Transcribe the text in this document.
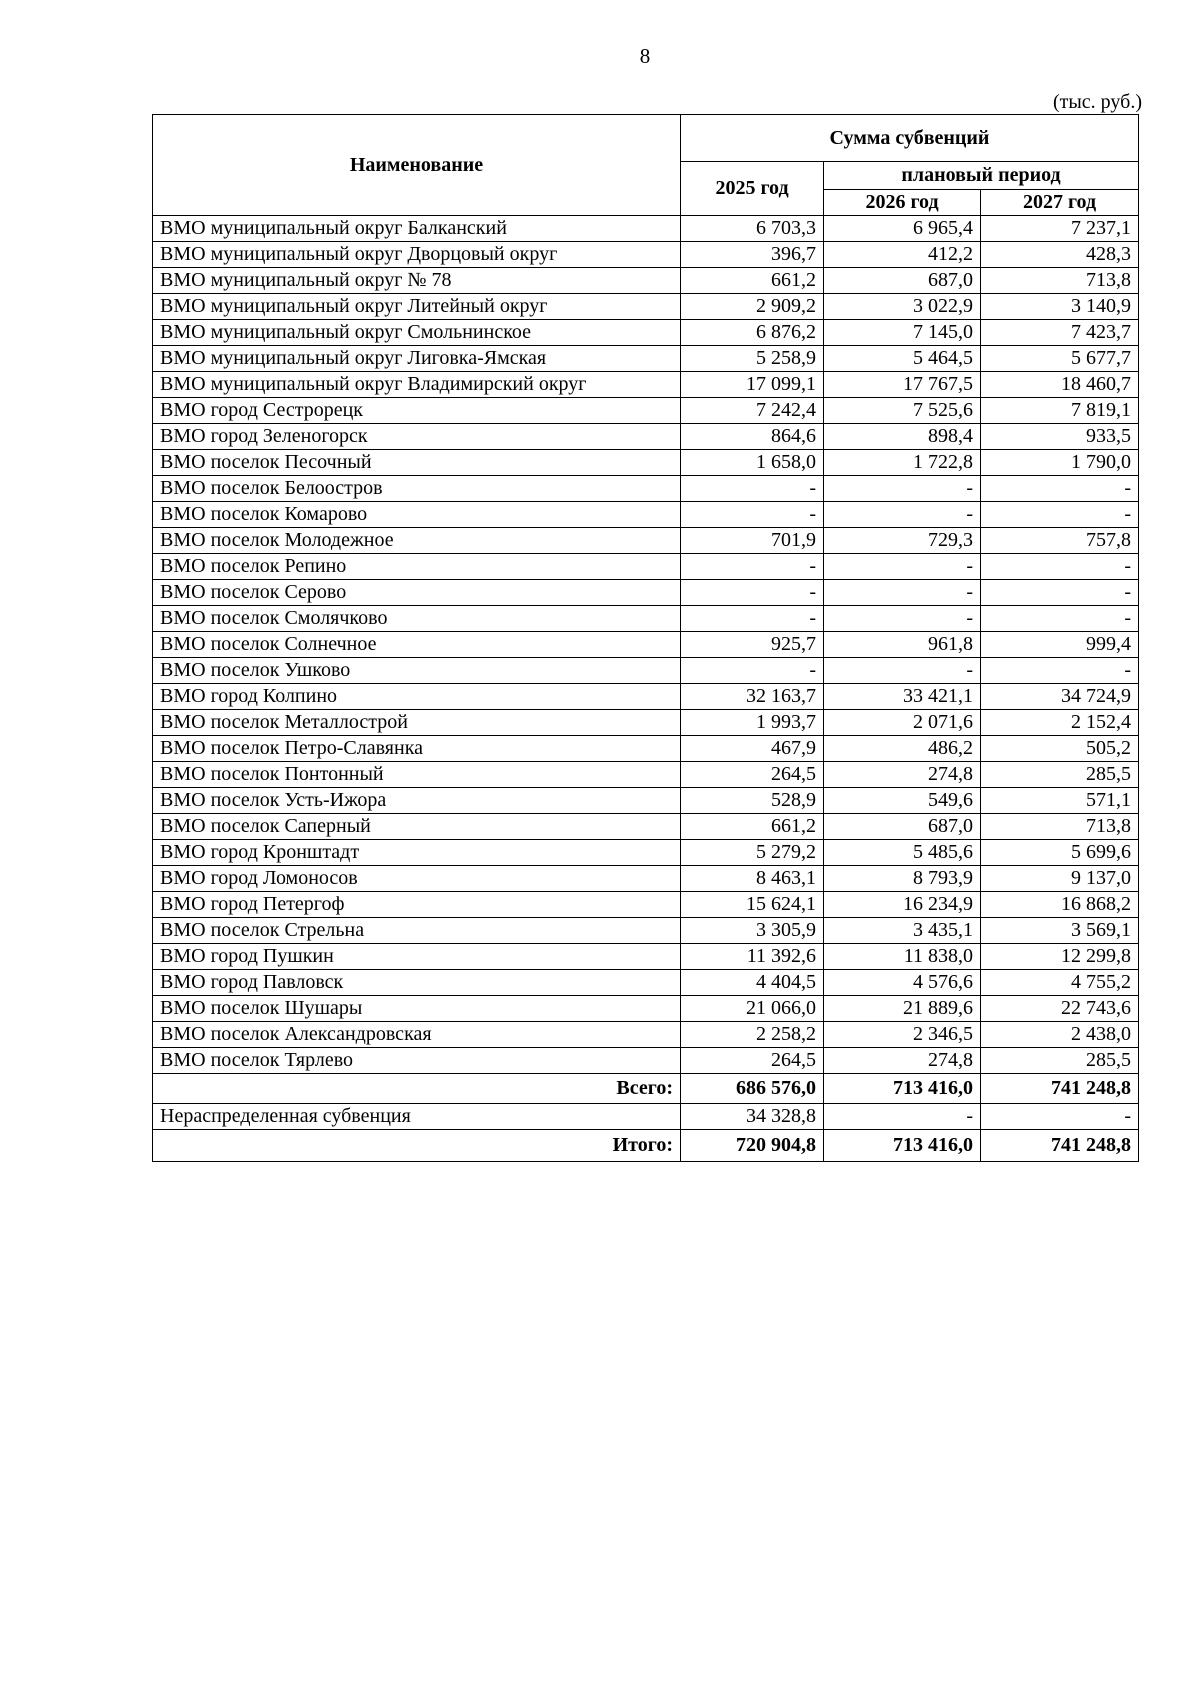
8
(тыс. руб.)
Наименование	Сумма субвенций		
	2025 год	плановый период	
		2026 год	2027 год
ВМО муниципальный округ Балканский	6 703,3	6 965,4	7 237,1
ВМО муниципальный округ Дворцовый округ	396,7	412,2	428,3
ВМО муниципальный округ № 78	661,2	687,0	713,8
ВМО муниципальный округ Литейный округ	2 909,2	3 022,9	3 140,9
ВМО муниципальный округ Смольнинское	6 876,2	7 145,0	7 423,7
ВМО муниципальный округ Лиговка-Ямская	5 258,9	5 464,5	5 677,7
ВМО муниципальный округ Владимирский округ	17 099,1	17 767,5	18 460,7
ВМО город Сестрорецк	7 242,4	7 525,6	7 819,1
ВМО город Зеленогорск	864,6	898,4	933,5
ВМО поселок Песочный	1 658,0	1 722,8	1 790,0
ВМО поселок Белоостров	-	-	-
ВМО поселок Комарово	-	-	-
ВМО поселок Молодежное	701,9	729,3	757,8
ВМО поселок Репино	-	-	-
ВМО поселок Серово	-	-	-
ВМО поселок Смолячково	-	-	-
ВМО поселок Солнечное	925,7	961,8	999,4
ВМО поселок Ушково	-	-	-
ВМО город Колпино	32 163,7	33 421,1	34 724,9
ВМО поселок Металлострой	1 993,7	2 071,6	2 152,4
ВМО поселок Петро-Славянка	467,9	486,2	505,2
ВМО поселок Понтонный	264,5	274,8	285,5
ВМО поселок Усть-Ижора	528,9	549,6	571,1
ВМО поселок Саперный	661,2	687,0	713,8
ВМО город Кронштадт	5 279,2	5 485,6	5 699,6
ВМО город Ломоносов	8 463,1	8 793,9	9 137,0
ВМО город Петергоф	15 624,1	16 234,9	16 868,2
ВМО поселок Стрельна	3 305,9	3 435,1	3 569,1
ВМО город Пушкин	11 392,6	11 838,0	12 299,8
ВМО город Павловск	4 404,5	4 576,6	4 755,2
ВМО поселок Шушары	21 066,0	21 889,6	22 743,6
ВМО поселок Александровская	2 258,2	2 346,5	2 438,0
ВМО поселок Тярлево	264,5	274,8	285,5
Всего:	686 576,0	713 416,0	741 248,8
Нераспределенная субвенция	34 328,8	-	-
Итого:	720 904,8	713 416,0	741 248,8
